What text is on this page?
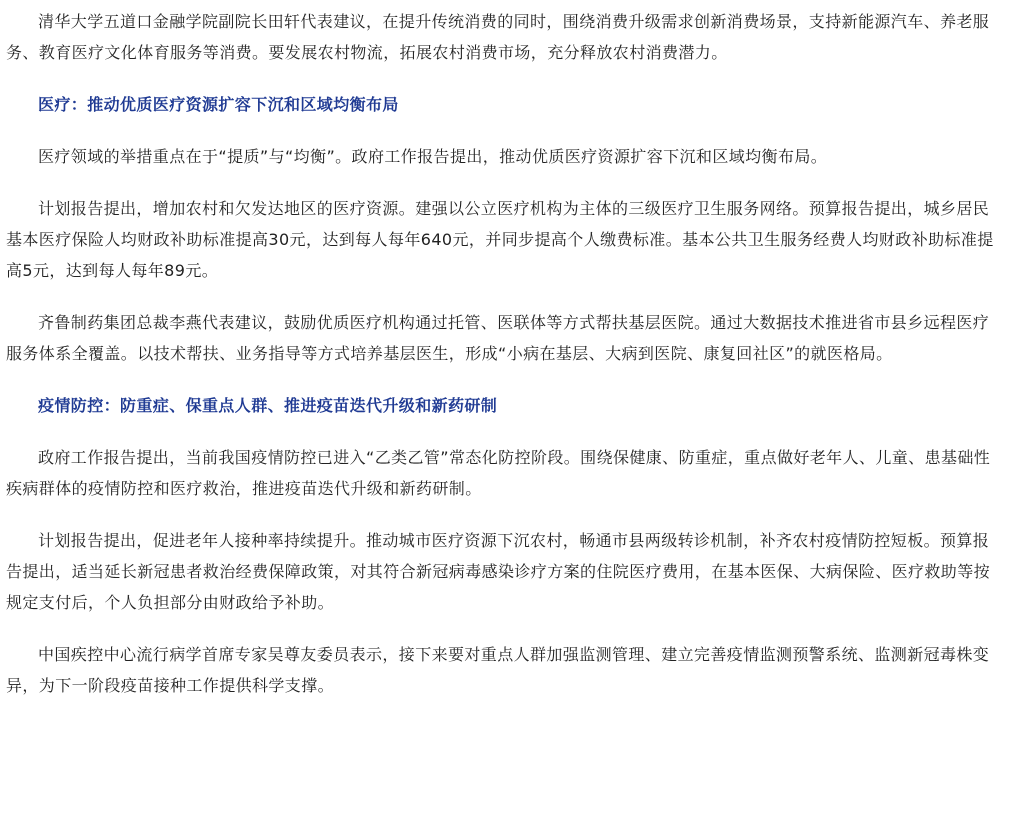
清华大学五道口金融学院副院长田轩代表建议，在提升传统消费的同时，围绕消费升级需求创新消费场景，支持新能源汽车、养老服务、教育医疗文化体育服务等消费。要发展农村物流，拓展农村消费市场，充分释放农村消费潜力。

医疗：推动优质医疗资源扩容下沉和区域均衡布局

医疗领域的举措重点在于“提质”与“均衡”。政府工作报告提出，推动优质医疗资源扩容下沉和区域均衡布局。

计划报告提出，增加农村和欠发达地区的医疗资源。建强以公立医疗机构为主体的三级医疗卫生服务网络。预算报告提出，城乡居民基本医疗保险人均财政补助标准提高30元，达到每人每年640元，并同步提高个人缴费标准。基本公共卫生服务经费人均财政补助标准提高5元，达到每人每年89元。

齐鲁制药集团总裁李燕代表建议，鼓励优质医疗机构通过托管、医联体等方式帮扶基层医院。通过大数据技术推进省市县乡远程医疗服务体系全覆盖。以技术帮扶、业务指导等方式培养基层医生，形成“小病在基层、大病到医院、康复回社区”的就医格局。

疫情防控：防重症、保重点人群、推进疫苗迭代升级和新药研制

政府工作报告提出，当前我国疫情防控已进入“乙类乙管”常态化防控阶段。围绕保健康、防重症，重点做好老年人、儿童、患基础性疾病群体的疫情防控和医疗救治，推进疫苗迭代升级和新药研制。

计划报告提出，促进老年人接种率持续提升。推动城市医疗资源下沉农村，畅通市县两级转诊机制，补齐农村疫情防控短板。预算报告提出，适当延长新冠患者救治经费保障政策，对其符合新冠病毒感染诊疗方案的住院医疗费用，在基本医保、大病保险、医疗救助等按规定支付后，个人负担部分由财政给予补助。

中国疾控中心流行病学首席专家吴尊友委员表示，接下来要对重点人群加强监测管理、建立完善疫情监测预警系统、监测新冠毒株变异，为下一阶段疫苗接种工作提供科学支撑。
